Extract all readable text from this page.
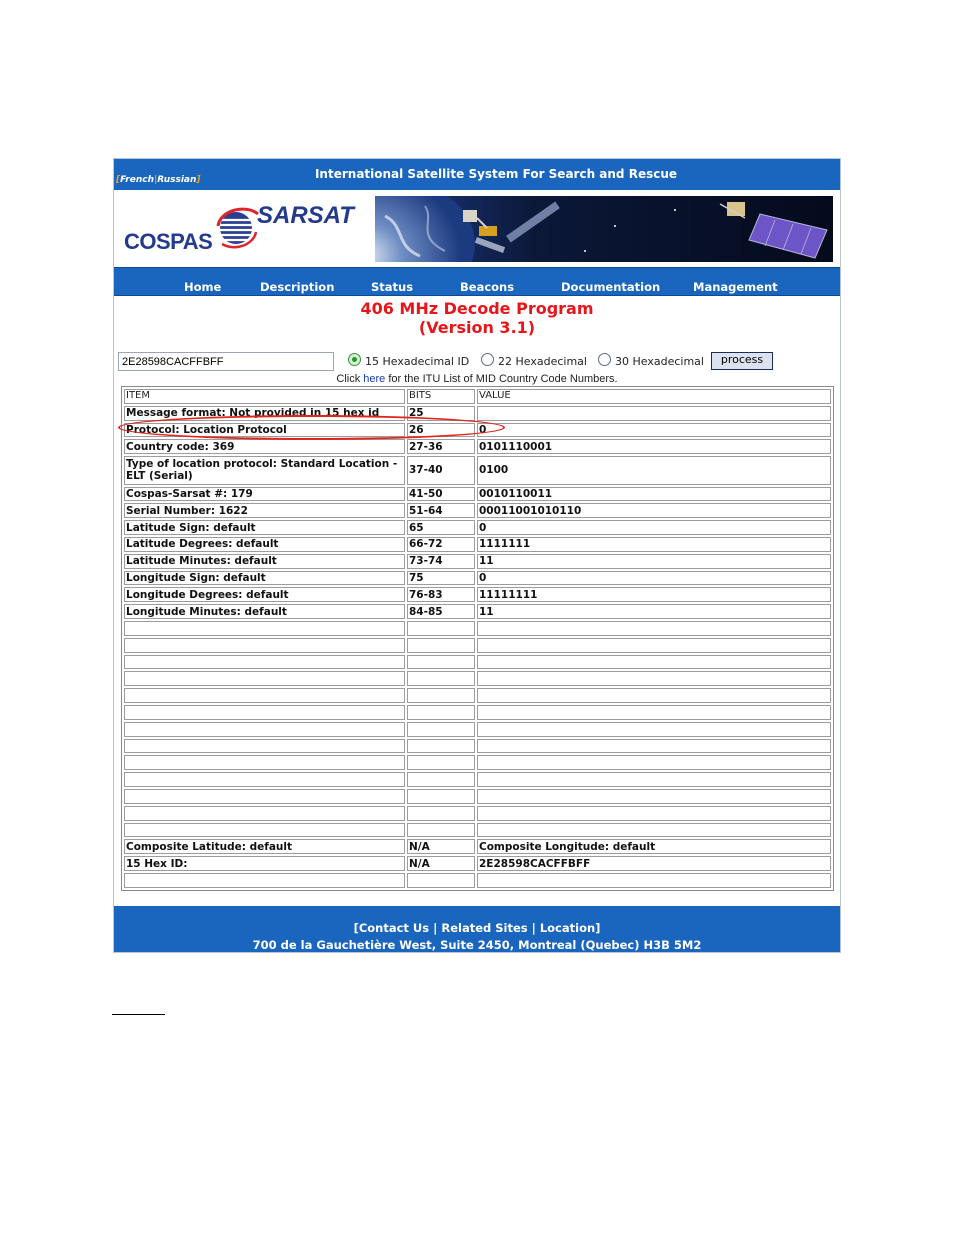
[French|Russian]	International Satellite System For Search and Rescue
COSPAS
SARSAT
Home	Description	Status	Beacons	Documentation	Management
406 MHz Decode Program
(Version 3.1)
2E28598CACFFBFF
15 Hexadecimal ID	22 Hexadecimal	30 Hexadecimal	process
Click here for the ITU List of MID Country Code Numbers.
ITEM	BITS	VALUE
Message format: Not provided in 15 hex id	25	
Protocol: Location Protocol	26	0
Country code: 369	27-36	0101110001
Type of location protocol: Standard Location - ELT (Serial)	37-40	0100
Cospas-Sarsat #: 179	41-50	0010110011
Serial Number: 1622	51-64	00011001010110
Latitude Sign: default	65	0
Latitude Degrees: default	66-72	1111111
Latitude Minutes: default	73-74	11
Longitude Sign: default	75	0
Longitude Degrees: default	76-83	11111111
Longitude Minutes: default	84-85	11

Composite Latitude: default	N/A	Composite Longitude: default
15 Hex ID:	N/A	2E28598CACFFBFF

[Contact Us | Related Sites | Location]
700 de la Gauchetière West, Suite 2450, Montreal (Quebec) H3B 5M2
